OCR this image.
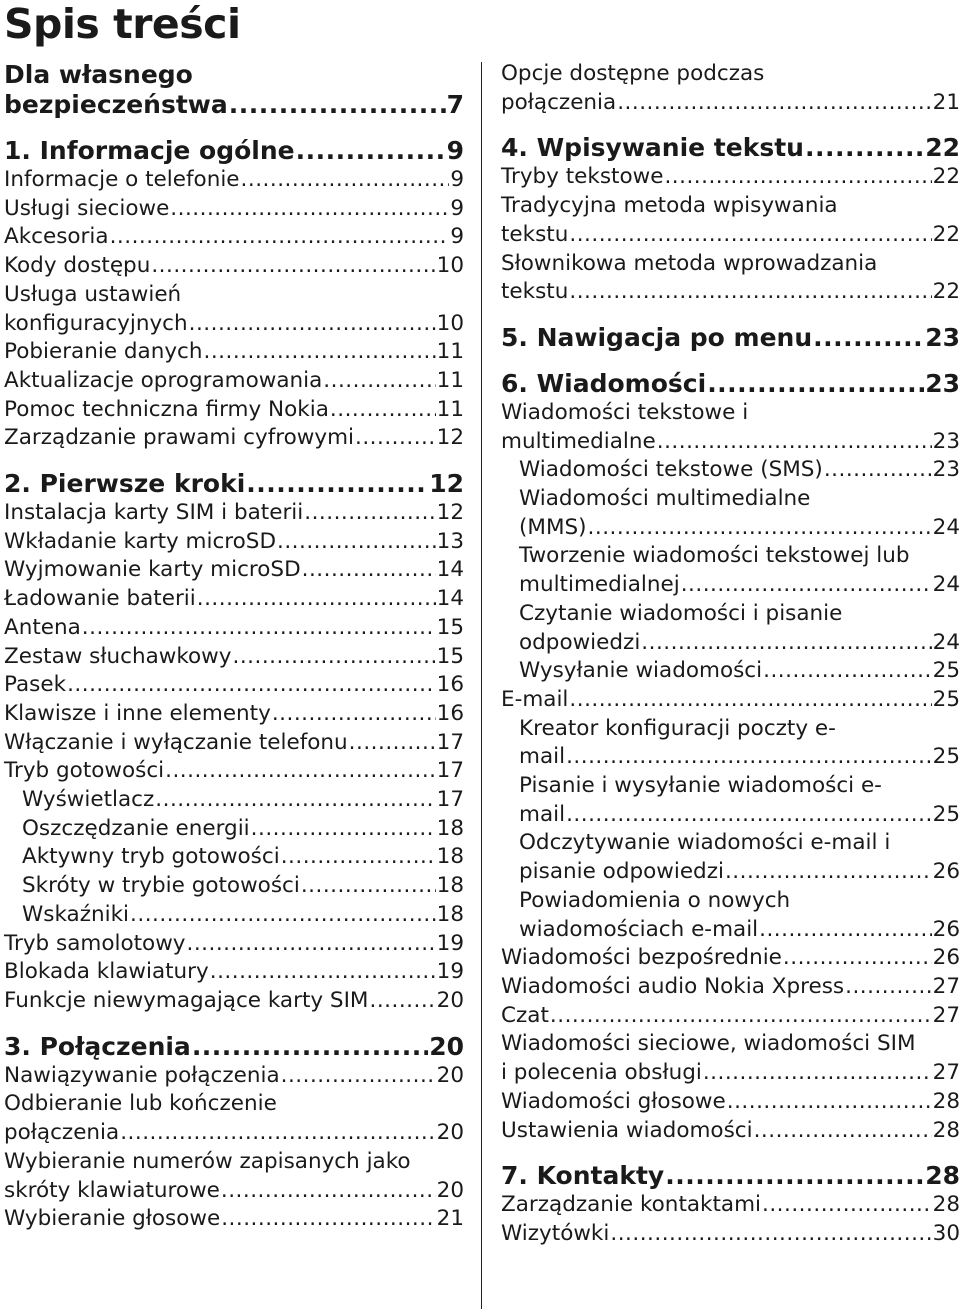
Spis treści
Dla własnego
bezpieczeństwa .....	7
1. Informacje ogólne .....	9
Informacje o telefonie .....	9
Usługi sieciowe .....	9
Akcesoria .....	9
Kody dostępu .....	10
Usługa ustawień
konfiguracyjnych .....	10
Pobieranie danych .....	11
Aktualizacje oprogramowania .....	11
Pomoc techniczna firmy Nokia .....	11
Zarządzanie prawami cyfrowymi .....	12
2. Pierwsze kroki .....	12
Instalacja karty SIM i baterii .....	12
Wkładanie karty microSD .....	13
Wyjmowanie karty microSD .....	14
Ładowanie baterii .....	14
Antena .....	15
Zestaw słuchawkowy .....	15
Pasek .....	16
Klawisze i inne elementy .....	16
Włączanie i wyłączanie telefonu .....	17
Tryb gotowości .....	17
Wyświetlacz .....	17
Oszczędzanie energii .....	18
Aktywny tryb gotowości .....	18
Skróty w trybie gotowości .....	18
Wskaźniki .....	18
Tryb samolotowy .....	19
Blokada klawiatury .....	19
Funkcje niewymagające karty SIM .....	20
3. Połączenia .....	20
Nawiązywanie połączenia .....	20
Odbieranie lub kończenie
połączenia .....	20
Wybieranie numerów zapisanych jako
skróty klawiaturowe .....	20
Wybieranie głosowe .....	21
Opcje dostępne podczas
połączenia .....	21
4. Wpisywanie tekstu .....	22
Tryby tekstowe .....	22
Tradycyjna metoda wpisywania
tekstu .....	22
Słownikowa metoda wprowadzania
tekstu .....	22
5. Nawigacja po menu .....	23
6. Wiadomości .....	23
Wiadomości tekstowe i
multimedialne .....	23
Wiadomości tekstowe (SMS) .....	23
Wiadomości multimedialne
(MMS) .....	24
Tworzenie wiadomości tekstowej lub
multimedialnej .....	24
Czytanie wiadomości i pisanie
odpowiedzi .....	24
Wysyłanie wiadomości .....	25
E-mail .....	25
Kreator konfiguracji poczty e-
mail .....	25
Pisanie i wysyłanie wiadomości e-
mail .....	25
Odczytywanie wiadomości e-mail i
pisanie odpowiedzi .....	26
Powiadomienia o nowych
wiadomościach e-mail .....	26
Wiadomości bezpośrednie .....	26
Wiadomości audio Nokia Xpress .....	27
Czat .....	27
Wiadomości sieciowe, wiadomości SIM
i polecenia obsługi .....	27
Wiadomości głosowe .....	28
Ustawienia wiadomości .....	28
7. Kontakty .....	28
Zarządzanie kontaktami .....	28
Wizytówki .....	30
